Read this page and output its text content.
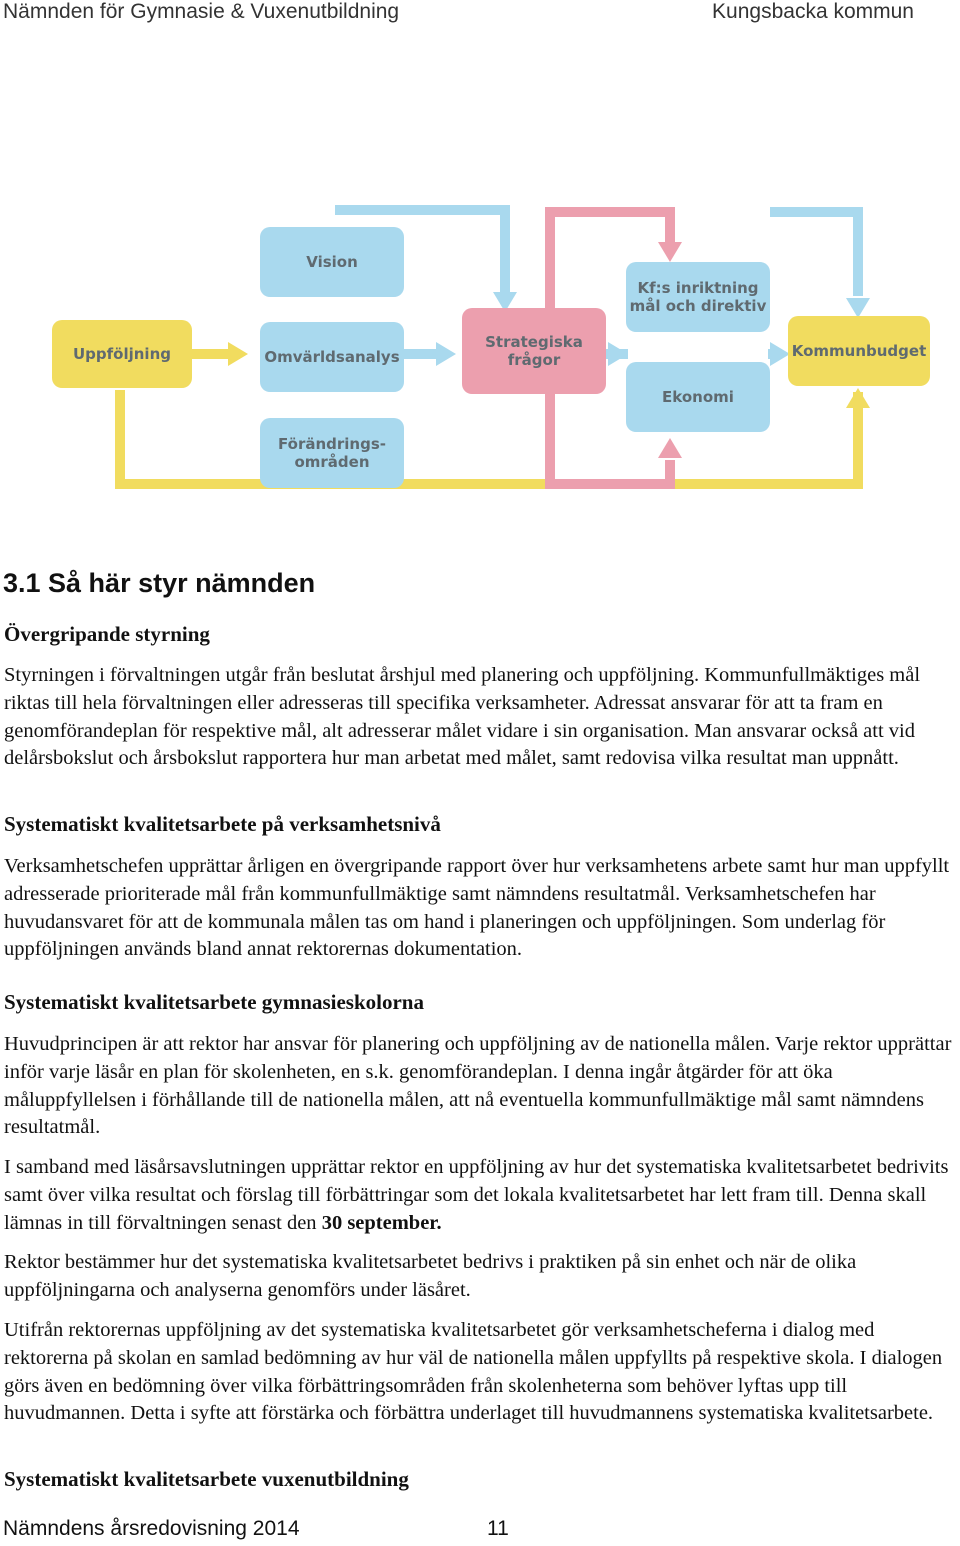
Nämnden för Gymnasie & Vuxenutbildning	Kungsbacka kommun
Uppföljning
Vision
Omvärldsanalys
Förändrings-
områden
Strategiska
frågor
Kf:s inriktning
mål och direktiv
Ekonomi
Kommunbudget
3.1 Så här styr nämnden
Övergripande styrning

Styrningen i förvaltningen utgår från beslutat årshjul med planering och uppföljning. Kommunfullmäktiges mål riktas till hela förvaltningen eller adresseras till specifika verksamheter. Adressat ansvarar för att ta fram en genomförandeplan för respektive mål, alt adresserar målet vidare i sin organisation. Man ansvarar också att vid delårsbokslut och årsbokslut rapportera hur man arbetat med målet, samt redovisa vilka resultat man uppnått.

Systematiskt kvalitetsarbete på verksamhetsnivå

Verksamhetschefen upprättar årligen en övergripande rapport över hur verksamhetens arbete samt hur man uppfyllt adresserade prioriterade mål från kommunfullmäktige samt nämndens resultatmål. Verksamhetschefen har huvudansvaret för att de kommunala målen tas om hand i planeringen och uppföljningen. Som underlag för uppföljningen används bland annat rektorernas dokumentation.

Systematiskt kvalitetsarbete gymnasieskolorna

Huvudprincipen är att rektor har ansvar för planering och uppföljning av de nationella målen. Varje rektor upprättar inför varje läsår en plan för skolenheten, en s.k. genomförandeplan. I denna ingår åtgärder för att öka måluppfyllelsen i förhållande till de nationella målen, att nå eventuella kommunfullmäktige mål samt nämndens resultatmål.

I samband med läsårsavslutningen upprättar rektor en uppföljning av hur det systematiska kvalitetsarbetet bedrivits samt över vilka resultat och förslag till förbättringar som det lokala kvalitetsarbetet har lett fram till. Denna skall lämnas in till förvaltningen senast den 30 september.

Rektor bestämmer hur det systematiska kvalitetsarbetet bedrivs i praktiken på sin enhet och när de olika uppföljningarna och analyserna genomförs under läsåret.

Utifrån rektorernas uppföljning av det systematiska kvalitetsarbetet gör verksamhetscheferna i dialog med rektorerna på skolan en samlad bedömning av hur väl de nationella målen uppfyllts på respektive skola. I dialogen görs även en bedömning över vilka förbättringsområden från skolenheterna som behöver lyftas upp till huvudmannen. Detta i syfte att förstärka och förbättra underlaget till huvudmannens systematiska kvalitetsarbete.

Systematiskt kvalitetsarbete vuxenutbildning
Nämndens årsredovisning 2014	11
